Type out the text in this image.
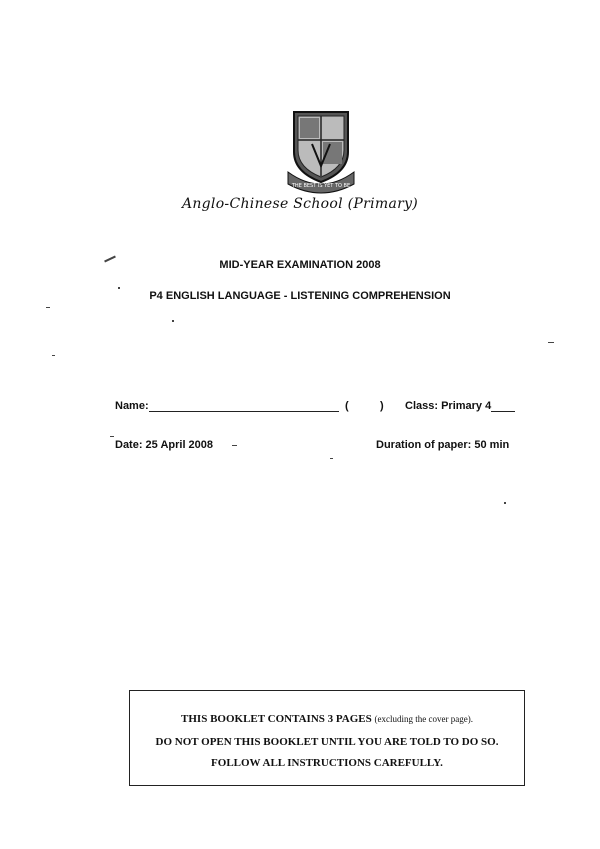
THE BEST IS YET TO BE
Anglo-Chinese School (Primary)
MID-YEAR EXAMINATION 2008
P4 ENGLISH LANGUAGE - LISTENING COMPREHENSION
Name:	(	) Class: Primary 4
Date: 25 April 2008	Duration of paper: 50 min
THIS BOOKLET CONTAINS 3 PAGES (excluding the cover page).
DO NOT OPEN THIS BOOKLET UNTIL YOU ARE TOLD TO DO SO.
FOLLOW ALL INSTRUCTIONS CAREFULLY.
